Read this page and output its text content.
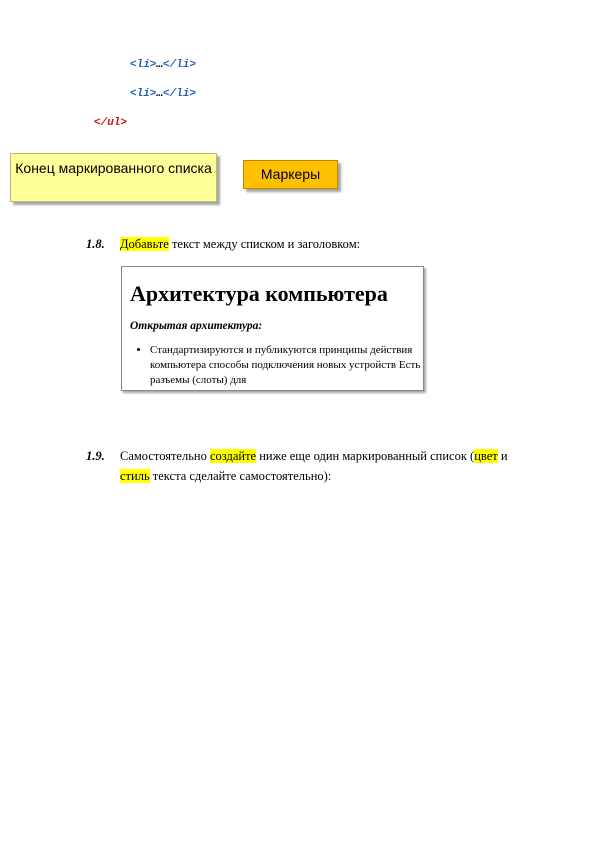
<li>…</li>
<li>…</li>
</ul>
Конец маркированного списка	Маркеры
1.8. Добавьте текст между списком и заголовком:
Архитектура компьютера
Открытая архитектура:
• Стандартизируются и публикуются принципы действия компьютера способы подключения новых устройств Есть разъемы (слоты) для
1.9. Самостоятельно создайте ниже еще один маркированный список (цвет и
стиль текста сделайте самостоятельно):
